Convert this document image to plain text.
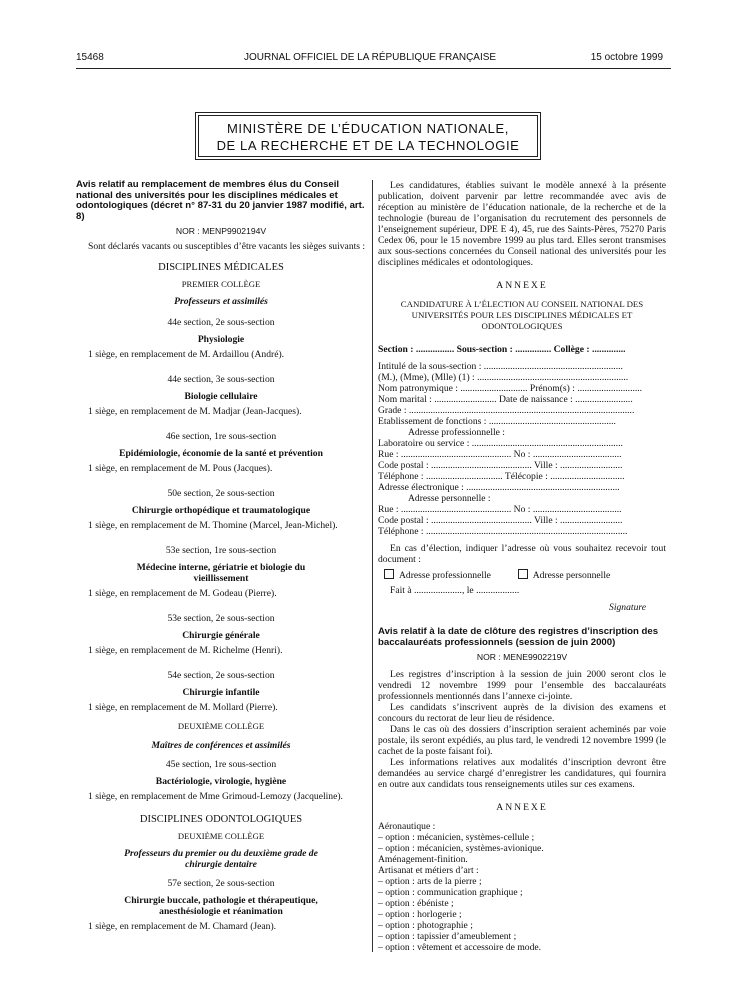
15468	JOURNAL OFFICIEL DE LA RÉPUBLIQUE FRANÇAISE	15 octobre 1999
MINISTÈRE DE L’ÉDUCATION NATIONALE,
DE LA RECHERCHE ET DE LA TECHNOLOGIE
Avis relatif au remplacement de membres élus du Conseil national des universités pour les disciplines médicales et odontologiques (décret n° 87-31 du 20 janvier 1987 modifié, art. 8)
NOR : MENP9902194V
Sont déclarés vacants ou susceptibles d’être vacants les sièges suivants :
DISCIPLINES MÉDICALES
PREMIER COLLÈGE
Professeurs et assimilés
44e section, 2e sous-section
Physiologie
1 siège, en remplacement de M. Ardaillou (André).
44e section, 3e sous-section
Biologie cellulaire
1 siège, en remplacement de M. Madjar (Jean-Jacques).
46e section, 1re sous-section
Epidémiologie, économie de la santé et prévention
1 siège, en remplacement de M. Pous (Jacques).
50e section, 2e sous-section
Chirurgie orthopédique et traumatologique
1 siège, en remplacement de M. Thomine (Marcel, Jean-Michel).
53e section, 1re sous-section
Médecine interne, gériatrie et biologie du vieillissement
1 siège, en remplacement de M. Godeau (Pierre).
53e section, 2e sous-section
Chirurgie générale
1 siège, en remplacement de M. Richelme (Henri).
54e section, 2e sous-section
Chirurgie infantile
1 siège, en remplacement de M. Mollard (Pierre).
DEUXIÈME COLLÈGE
Maîtres de conférences et assimilés
45e section, 1re sous-section
Bactériologie, virologie, hygiène
1 siège, en remplacement de Mme Grimoud-Lemozy (Jacqueline).
DISCIPLINES ODONTOLOGIQUES
DEUXIÈME COLLÈGE
Professeurs du premier ou du deuxième grade de chirurgie dentaire
57e section, 2e sous-section
Chirurgie buccale, pathologie et thérapeutique, anesthésiologie et réanimation
1 siège, en remplacement de M. Chamard (Jean).
Les candidatures, établies suivant le modèle annexé à la présente publication, doivent parvenir par lettre recommandée avec avis de réception au ministère de l’éducation nationale, de la recherche et de la technologie (bureau de l’organisation du recrutement des personnels de l’enseignement supérieur, DPE E 4), 45, rue des Saints-Pères, 75270 Paris Cedex 06, pour le 15 novembre 1999 au plus tard. Elles seront transmises aux sous-sections concernées du Conseil national des universités pour les disciplines médicales et odontologiques.
ANNEXE
CANDIDATURE À L’ÉLECTION AU CONSEIL NATIONAL DES UNIVERSITÉS POUR LES DISCIPLINES MÉDICALES ET ODONTOLOGIQUES
Section : ................ Sous-section : ............... Collège : ..............
Intitulé de la sous-section : ..........................................................
(M.), (Mme), (Mlle) (1) : ...............................................................
Nom patronymique : ............................ Prénom(s) : ...........................
Nom marital : .......................... Date de naissance : ........................
Grade : ..............................................................................................
Etablissement de fonctions : .....................................................
Adresse professionnelle :
Laboratoire ou service : ...............................................................
Rue : .............................................. No : .....................................
Code postal : .......................................... Ville : ..........................
Téléphone : ................................ Télécopie : ...............................
Adresse électronique : ................................................................
Adresse personnelle :
Rue : .............................................. No : .....................................
Code postal : .......................................... Ville : ..........................
Téléphone : ....................................................................................
En cas d’élection, indiquer l’adresse où vous souhaitez recevoir tout document :
Adresse professionnelle	Adresse personnelle
Fait à ...................., le ..................
Signature
Avis relatif à la date de clôture des registres d’inscription des baccalauréats professionnels (session de juin 2000)
NOR : MENE9902219V
Les registres d’inscription à la session de juin 2000 seront clos le vendredi 12 novembre 1999 pour l’ensemble des baccalauréats professionnels mentionnés dans l’annexe ci-jointe.
Les candidats s’inscrivent auprès de la division des examens et concours du rectorat de leur lieu de résidence.
Dans le cas où des dossiers d’inscription seraient acheminés par voie postale, ils seront expédiés, au plus tard, le vendredi 12 novembre 1999 (le cachet de la poste faisant foi).
Les informations relatives aux modalités d’inscription devront être demandées au service chargé d’enregistrer les candidatures, qui fournira en outre aux candidats tous renseignements utiles sur ces examens.
ANNEXE
Aéronautique :
– option : mécanicien, systèmes-cellule ;
– option : mécanicien, systèmes-avionique.
Aménagement-finition.
Artisanat et métiers d’art :
– option : arts de la pierre ;
– option : communication graphique ;
– option : ébéniste ;
– option : horlogerie ;
– option : photographie ;
– option : tapissier d’ameublement ;
– option : vêtement et accessoire de mode.
